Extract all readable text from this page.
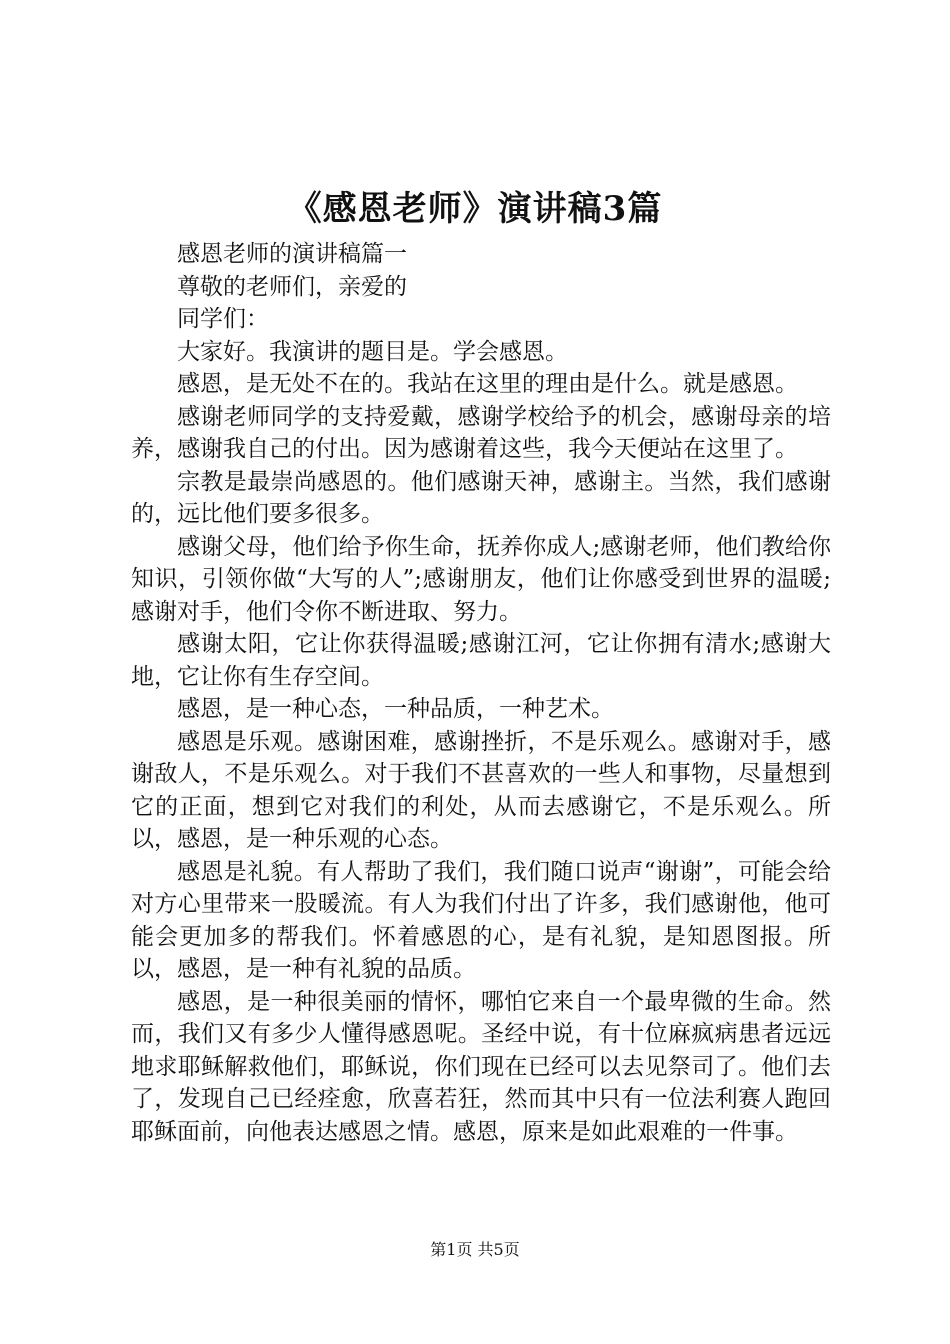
《感恩老师》演讲稿3篇

感恩老师的演讲稿篇一

尊敬的老师们，亲爱的

同学们：

大家好。我演讲的题目是。学会感恩。

感恩，是无处不在的。我站在这里的理由是什么。就是感恩。

感谢老师同学的支持爱戴，感谢学校给予的机会，感谢母亲的培养，感谢我自己的付出。因为感谢着这些，我今天便站在这里了。

宗教是最崇尚感恩的。他们感谢天神，感谢主。当然，我们感谢的，远比他们要多很多。

感谢父母，他们给予你生命，抚养你成人;感谢老师，他们教给你知识，引领你做“大写的人”;感谢朋友，他们让你感受到世界的温暖;感谢对手，他们令你不断进取、努力。

感谢太阳，它让你获得温暖;感谢江河，它让你拥有清水;感谢大地，它让你有生存空间。

感恩，是一种心态，一种品质，一种艺术。

感恩是乐观。感谢困难，感谢挫折，不是乐观么。感谢对手，感谢敌人，不是乐观么。对于我们不甚喜欢的一些人和事物，尽量想到它的正面，想到它对我们的利处，从而去感谢它，不是乐观么。所以，感恩，是一种乐观的心态。

感恩是礼貌。有人帮助了我们，我们随口说声“谢谢”，可能会给对方心里带来一股暖流。有人为我们付出了许多，我们感谢他，他可能会更加多的帮我们。怀着感恩的心，是有礼貌，是知恩图报。所以，感恩，是一种有礼貌的品质。

感恩，是一种很美丽的情怀，哪怕它来自一个最卑微的生命。然而，我们又有多少人懂得感恩呢。圣经中说，有十位麻疯病患者远远地求耶稣解救他们，耶稣说，你们现在已经可以去见祭司了。他们去了，发现自己已经痊愈，欣喜若狂，然而其中只有一位法利赛人跑回耶稣面前，向他表达感恩之情。感恩，原来是如此艰难的一件事。

第1页 共5页
